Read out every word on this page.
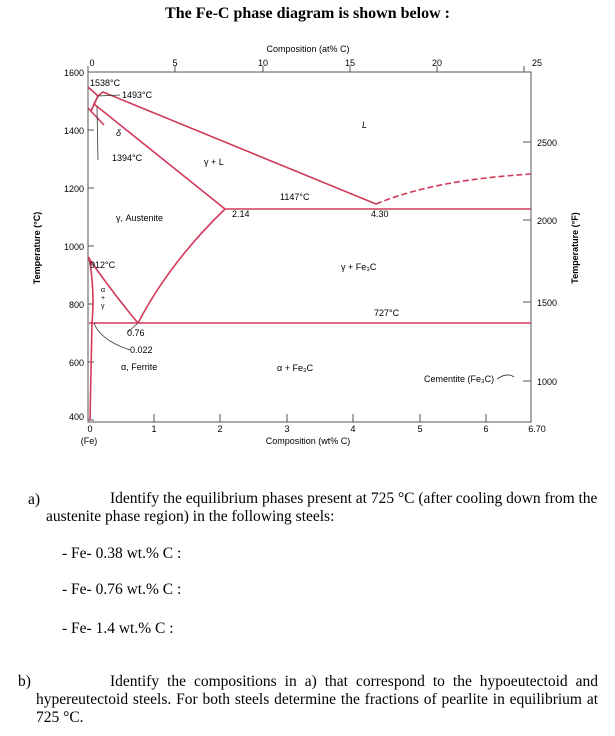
The Fe-C phase diagram is shown below :
0	5	10	15	20	25
Composition (at% C)
0	1	2	3	4	5	6	6.70
(Fe)	Composition (wt% C)
1600
1400
1200
1000
800
600
400
Temperature (°C)
2500
2000
1500
1000
Temperature (°F)
1538°C
1493°C
1394°C
1147°C
912°C
727°C
δ
L
γ + L
γ, Austenite	2.14	4.30
γ + Fe₃C
α
+
γ
0.76
0.022
α, Ferrite	α + Fe₃C
Cementite (Fe₃C)
a)	Identify the equilibrium phases present at 725 °C (after cooling down from the austenite phase region) in the following steels:
- Fe- 0.38 wt.% C :
- Fe- 0.76 wt.% C :
- Fe- 1.4 wt.% C :
b)	Identify the compositions in a) that correspond to the hypoeutectoid and hypereutectoid steels. For both steels determine the fractions of pearlite in equilibrium at 725 °C.
